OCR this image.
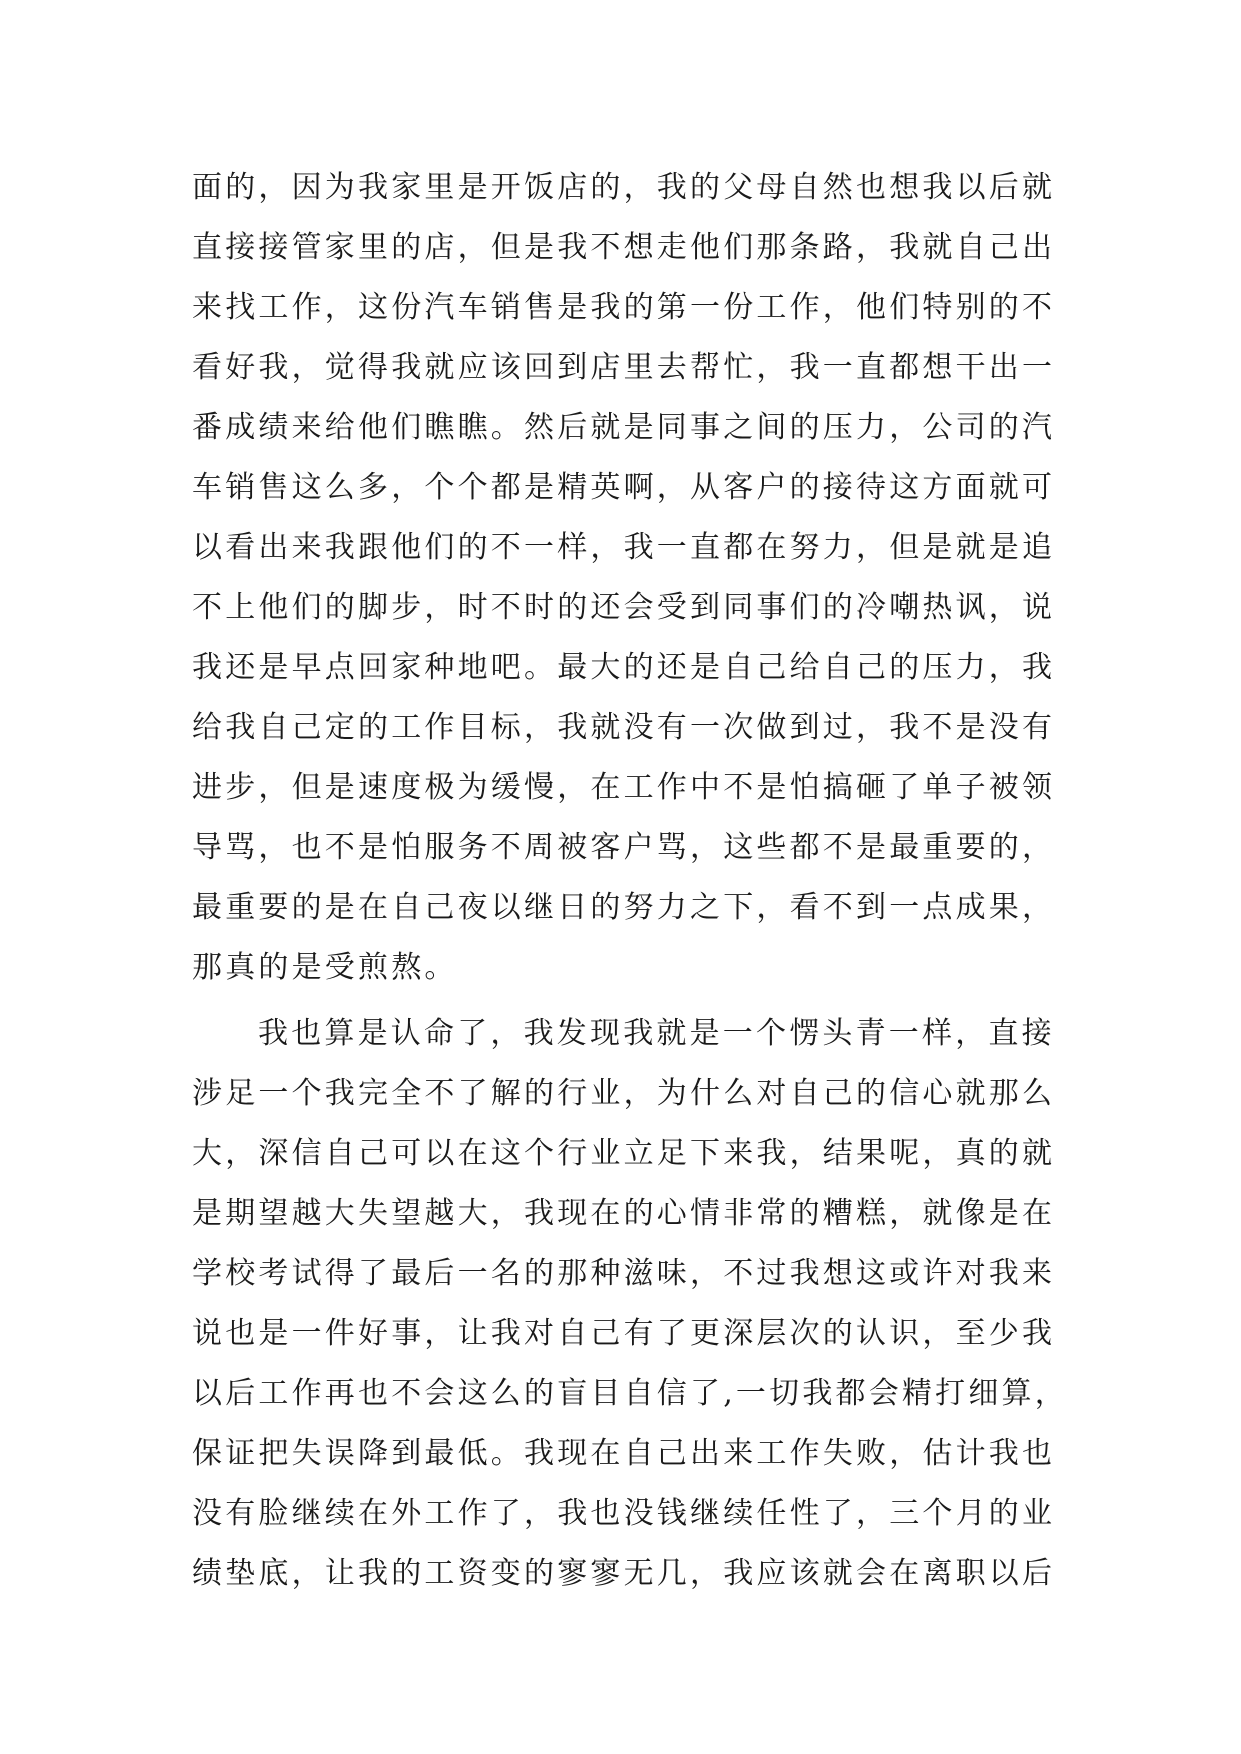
面的，因为我家里是开饭店的，我的父母自然也想我以后就
直接接管家里的店，但是我不想走他们那条路，我就自己出
来找工作，这份汽车销售是我的第一份工作，他们特别的不
看好我，觉得我就应该回到店里去帮忙，我一直都想干出一
番成绩来给他们瞧瞧。然后就是同事之间的压力，公司的汽
车销售这么多，个个都是精英啊，从客户的接待这方面就可
以看出来我跟他们的不一样，我一直都在努力，但是就是追
不上他们的脚步，时不时的还会受到同事们的冷嘲热讽，说
我还是早点回家种地吧。最大的还是自己给自己的压力，我
给我自己定的工作目标，我就没有一次做到过，我不是没有
进步，但是速度极为缓慢，在工作中不是怕搞砸了单子被领
导骂，也不是怕服务不周被客户骂，这些都不是最重要的，
最重要的是在自己夜以继日的努力之下，看不到一点成果，
那真的是受煎熬。
我也算是认命了，我发现我就是一个愣头青一样，直接
涉足一个我完全不了解的行业，为什么对自己的信心就那么
大，深信自己可以在这个行业立足下来我，结果呢，真的就
是期望越大失望越大，我现在的心情非常的糟糕，就像是在
学校考试得了最后一名的那种滋味，不过我想这或许对我来
说也是一件好事，让我对自己有了更深层次的认识，至少我
以后工作再也不会这么的盲目自信了,一切我都会精打细算，
保证把失误降到最低。我现在自己出来工作失败，估计我也
没有脸继续在外工作了，我也没钱继续任性了，三个月的业
绩垫底，让我的工资变的寥寥无几，我应该就会在离职以后
